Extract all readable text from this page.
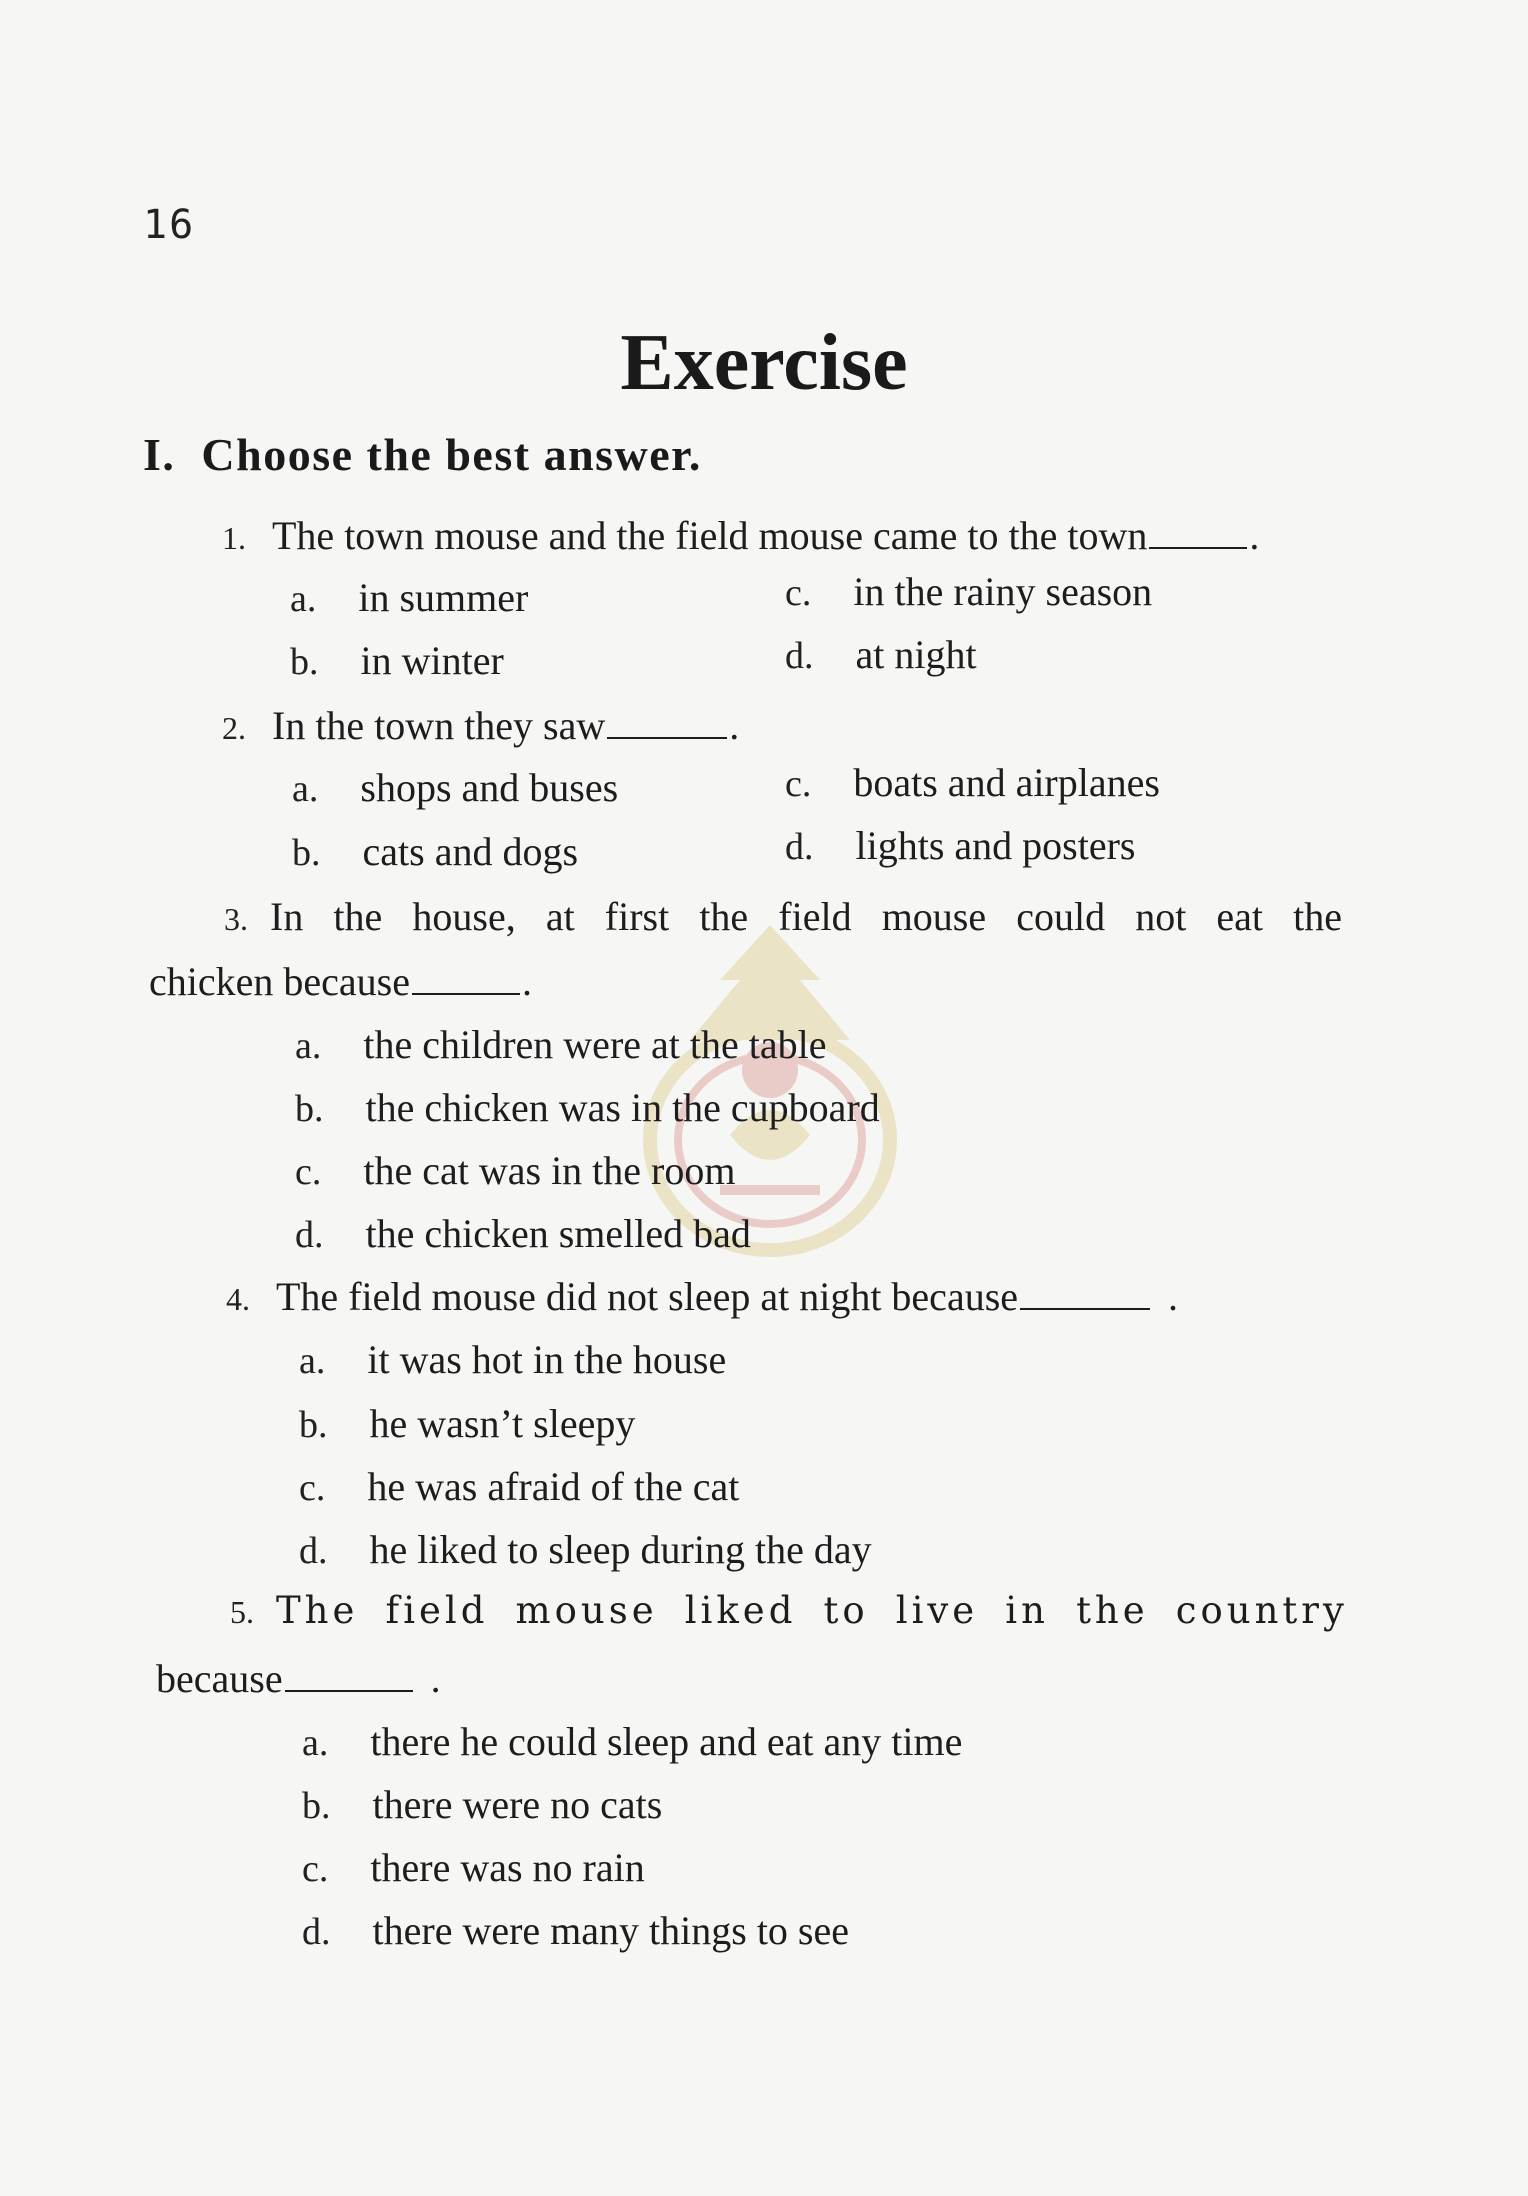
16
Exercise
I. Choose the best answer.
1. The town mouse and the field mouse came to the town	.
a. in summer
b. in winter
c. in the rainy season
d. at night
2. In the town they saw	.
a. shops and buses
b. cats and dogs
c. boats and airplanes
d. lights and posters
3. In the house, at first the field mouse could not eat the
chicken because	.
a. the children were at the table
b. the chicken was in the cupboard
c. the cat was in the room
d. the chicken smelled bad
4. The field mouse did not sleep at night because	.
a. it was hot in the house
b. he wasn’t sleepy
c. he was afraid of the cat
d. he liked to sleep during the day
5. The field mouse liked to live in the country
because	.
a. there he could sleep and eat any time
b. there were no cats
c. there was no rain
d. there were many things to see
